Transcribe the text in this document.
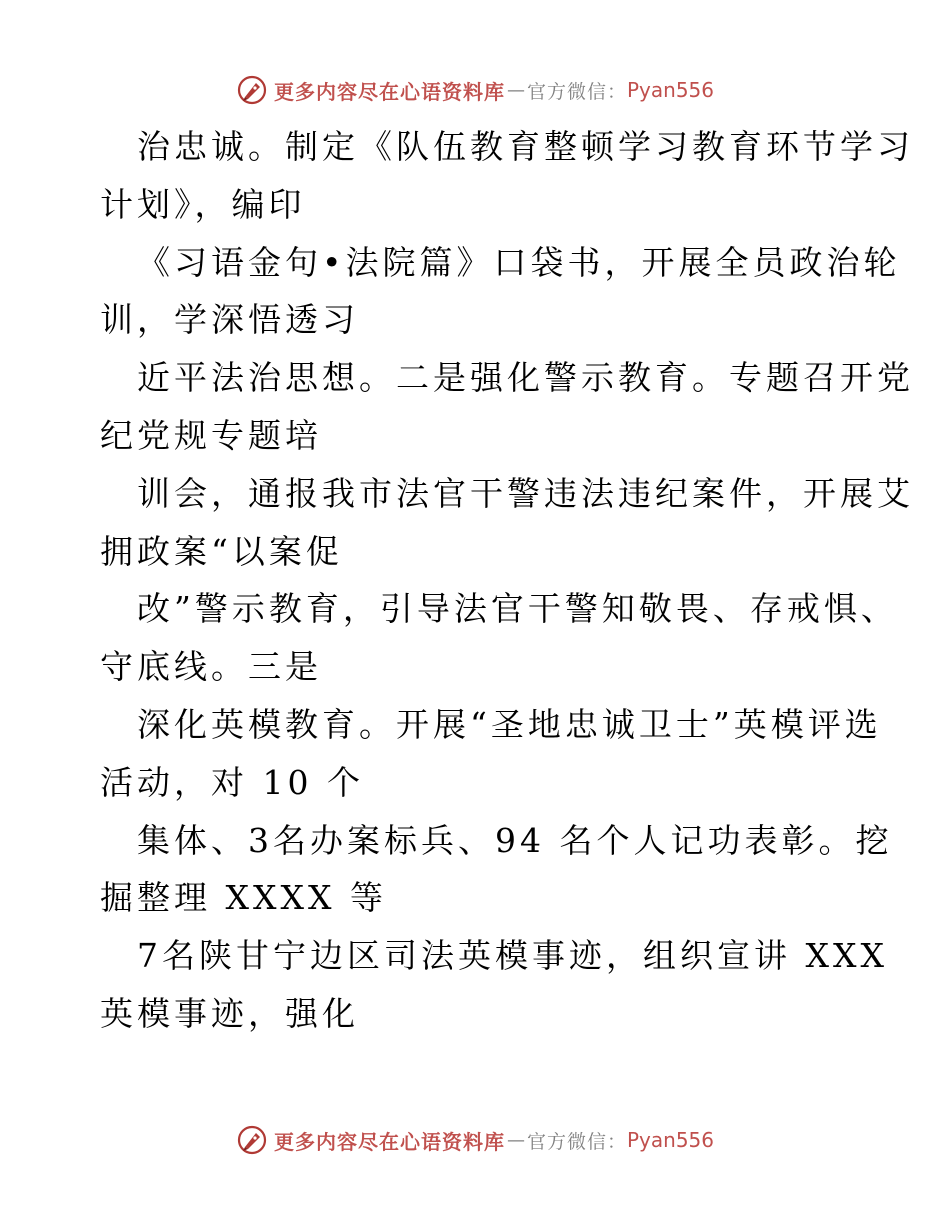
更多内容尽在心语资料库 — 官方微信： Pyan556
治忠诚。制定《队伍教育整顿学习教育环节学习
计划》，编印
《习语金句•法院篇》口袋书，开展全员政治轮
训，学深悟透习
近平法治思想。二是强化警示教育。专题召开党
纪党规专题培
训会，通报我市法官干警违法违纪案件，开展艾
拥政案“以案促
改”警示教育，引导法官干警知敬畏、存戒惧、
守底线。三是
深化英模教育。开展“圣地忠诚卫士”英模评选
活动，对 10 个
集体、3名办案标兵、94 名个人记功表彰。挖
掘整理 XXXX 等
7名陕甘宁边区司法英模事迹，组织宣讲 XXX
英模事迹，强化
更多内容尽在心语资料库 — 官方微信： Pyan556
